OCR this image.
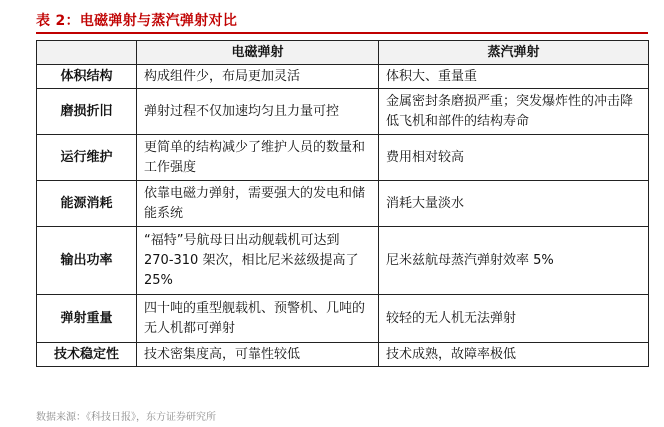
表 2：电磁弹射与蒸汽弹射对比
	电磁弹射	蒸汽弹射
体积结构	构成组件少，布局更加灵活	体积大、重量重
磨损折旧	弹射过程不仅加速均匀且力量可控	金属密封条磨损严重；突发爆炸性的冲击降低飞机和部件的结构寿命
运行维护	更简单的结构减少了维护人员的数量和工作强度	费用相对较高
能源消耗	依靠电磁力弹射，需要强大的发电和储能系统	消耗大量淡水
输出功率	“福特”号航母日出动舰载机可达到 270-310 架次，相比尼米兹级提高了 25%	尼米兹航母蒸汽弹射效率 5%
弹射重量	四十吨的重型舰载机、预警机、几吨的无人机都可弹射	较轻的无人机无法弹射
技术稳定性	技术密集度高，可靠性较低	技术成熟，故障率极低
数据来源：《科技日报》，东方证券研究所
